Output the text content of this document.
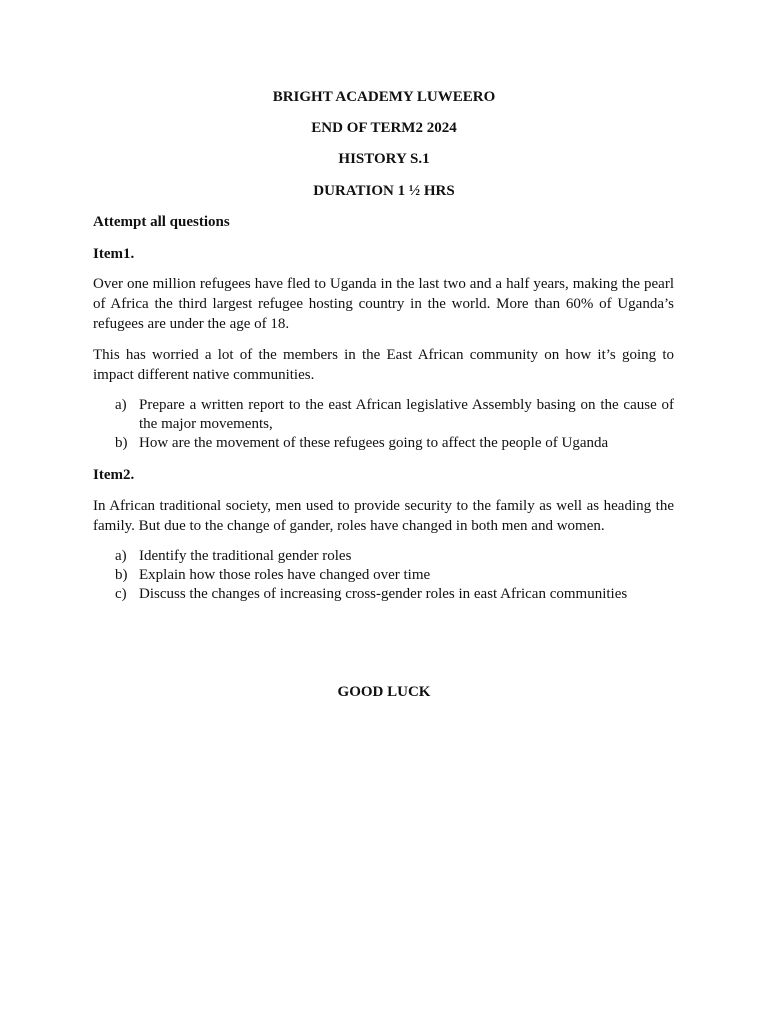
BRIGHT ACADEMY LUWEERO
END OF TERM2 2024
HISTORY S.1
DURATION 1 ½ HRS
Attempt all questions
Item1.
Over one million refugees have fled to Uganda in the last two and a half years, making the pearl of Africa the third largest refugee hosting country in the world. More than 60% of Uganda’s refugees are under the age of 18.
This has worried a lot of the members in the East African community on how it’s going to impact different native communities.
a) Prepare a written report to the east African legislative Assembly basing on the cause of the major movements,
b) How are the movement of these refugees going to affect the people of Uganda
Item2.
In African traditional society, men used to provide security to the family as well as heading the family. But due to the change of gander, roles have changed in both men and women.
a) Identify the traditional gender roles
b) Explain how those roles have changed over time
c) Discuss the changes of increasing cross-gender roles in east African communities
GOOD LUCK
